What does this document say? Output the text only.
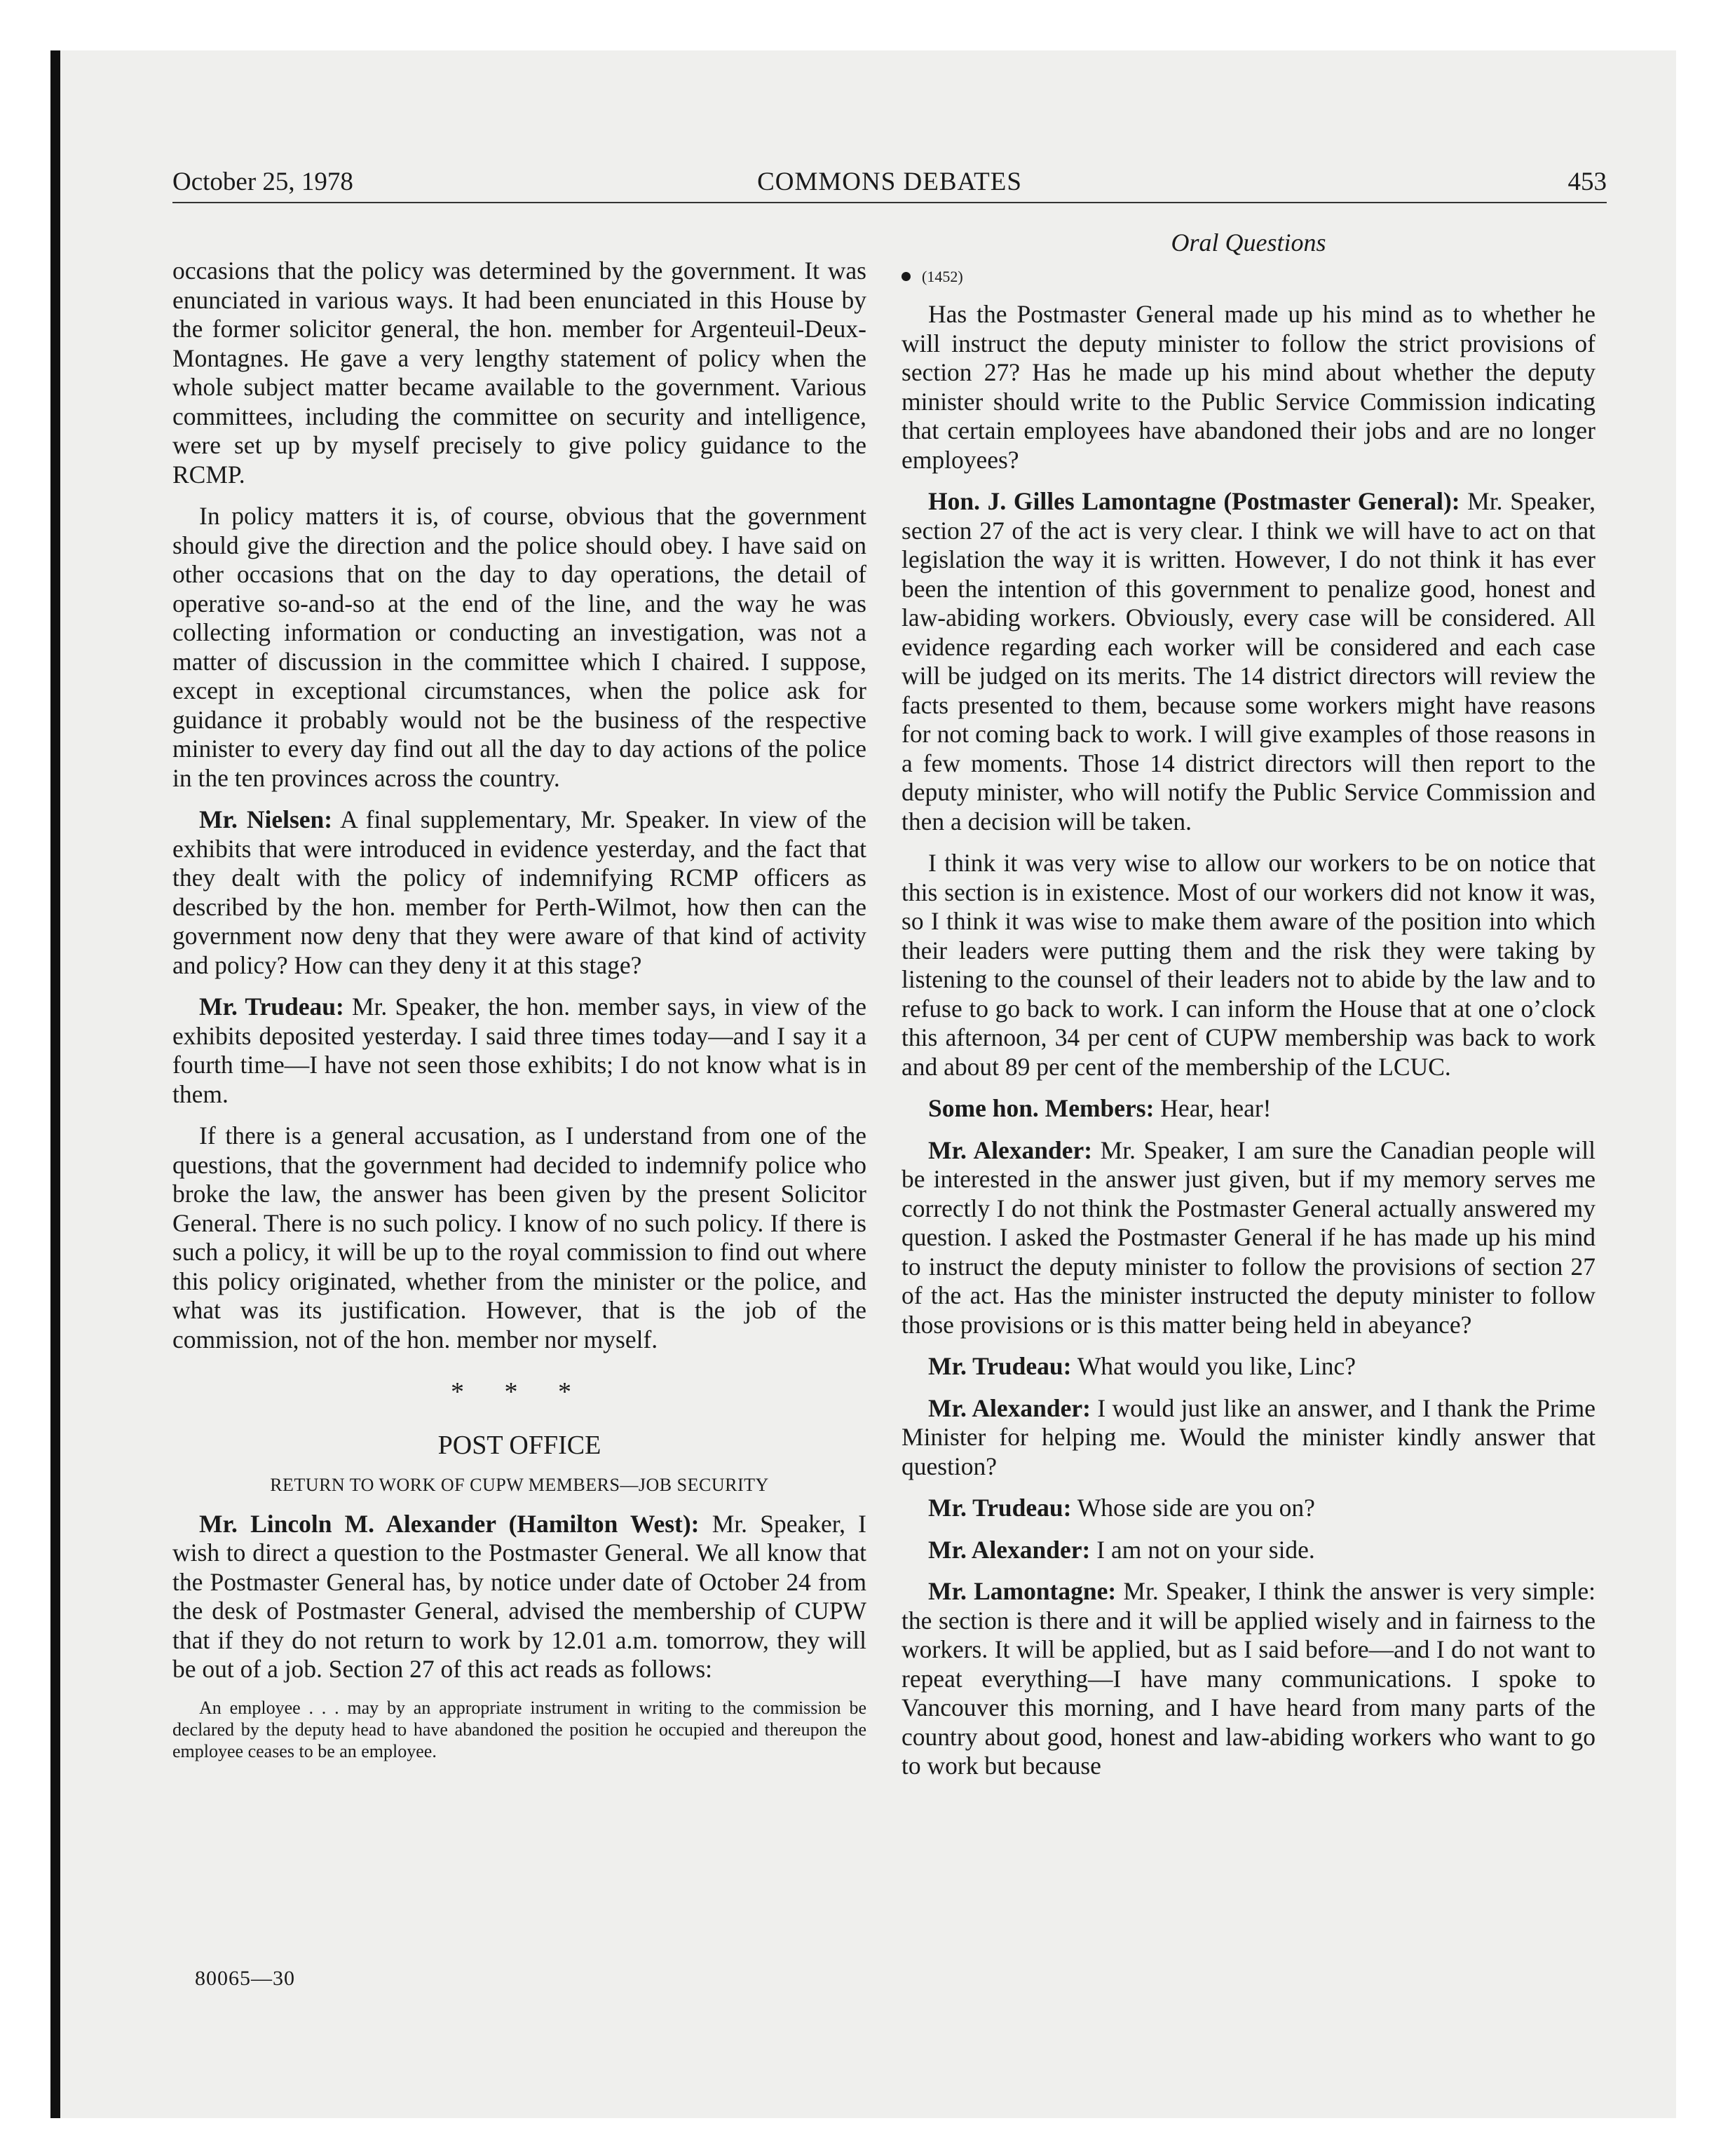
October 25, 1978	COMMONS DEBATES	453

occasions that the policy was determined by the government. It was enunciated in various ways. It had been enunciated in this House by the former solicitor general, the hon. member for Argenteuil-Deux-Montagnes. He gave a very lengthy statement of policy when the whole subject matter became available to the government. Various committees, including the committee on security and intelligence, were set up by myself precisely to give policy guidance to the RCMP.

In policy matters it is, of course, obvious that the government should give the direction and the police should obey. I have said on other occasions that on the day to day operations, the detail of operative so-and-so at the end of the line, and the way he was collecting information or conducting an investigation, was not a matter of discussion in the committee which I chaired. I suppose, except in exceptional circumstances, when the police ask for guidance it probably would not be the business of the respective minister to every day find out all the day to day actions of the police in the ten provinces across the country.

Mr. Nielsen: A final supplementary, Mr. Speaker. In view of the exhibits that were introduced in evidence yesterday, and the fact that they dealt with the policy of indemnifying RCMP officers as described by the hon. member for Perth-Wilmot, how then can the government now deny that they were aware of that kind of activity and policy? How can they deny it at this stage?

Mr. Trudeau: Mr. Speaker, the hon. member says, in view of the exhibits deposited yesterday. I said three times today—and I say it a fourth time—I have not seen those exhibits; I do not know what is in them.

If there is a general accusation, as I understand from one of the questions, that the government had decided to indemnify police who broke the law, the answer has been given by the present Solicitor General. There is no such policy. I know of no such policy. If there is such a policy, it will be up to the royal commission to find out where this policy originated, whether from the minister or the police, and what was its justification. However, that is the job of the commission, not of the hon. member nor myself.

* * *
POST OFFICE
RETURN TO WORK OF CUPW MEMBERS—JOB SECURITY

Mr. Lincoln M. Alexander (Hamilton West): Mr. Speaker, I wish to direct a question to the Postmaster General. We all know that the Postmaster General has, by notice under date of October 24 from the desk of Postmaster General, advised the membership of CUPW that if they do not return to work by 12.01 a.m. tomorrow, they will be out of a job. Section 27 of this act reads as follows:

An employee . . . may by an appropriate instrument in writing to the commission be declared by the deputy head to have abandoned the position he occupied and thereupon the employee ceases to be an employee.
Oral Questions
(1452)

Has the Postmaster General made up his mind as to whether he will instruct the deputy minister to follow the strict provisions of section 27? Has he made up his mind about whether the deputy minister should write to the Public Service Commission indicating that certain employees have abandoned their jobs and are no longer employees?

Hon. J. Gilles Lamontagne (Postmaster General): Mr. Speaker, section 27 of the act is very clear. I think we will have to act on that legislation the way it is written. However, I do not think it has ever been the intention of this government to penalize good, honest and law-abiding workers. Obviously, every case will be considered. All evidence regarding each worker will be considered and each case will be judged on its merits. The 14 district directors will review the facts presented to them, because some workers might have reasons for not coming back to work. I will give examples of those reasons in a few moments. Those 14 district directors will then report to the deputy minister, who will notify the Public Service Commission and then a decision will be taken.

I think it was very wise to allow our workers to be on notice that this section is in existence. Most of our workers did not know it was, so I think it was wise to make them aware of the position into which their leaders were putting them and the risk they were taking by listening to the counsel of their leaders not to abide by the law and to refuse to go back to work. I can inform the House that at one o’clock this afternoon, 34 per cent of CUPW membership was back to work and about 89 per cent of the membership of the LCUC.

Some hon. Members: Hear, hear!

Mr. Alexander: Mr. Speaker, I am sure the Canadian people will be interested in the answer just given, but if my memory serves me correctly I do not think the Postmaster General actually answered my question. I asked the Postmaster General if he has made up his mind to instruct the deputy minister to follow the provisions of section 27 of the act. Has the minister instructed the deputy minister to follow those provisions or is this matter being held in abeyance?

Mr. Trudeau: What would you like, Linc?

Mr. Alexander: I would just like an answer, and I thank the Prime Minister for helping me. Would the minister kindly answer that question?

Mr. Trudeau: Whose side are you on?

Mr. Alexander: I am not on your side.

Mr. Lamontagne: Mr. Speaker, I think the answer is very simple: the section is there and it will be applied wisely and in fairness to the workers. It will be applied, but as I said before—and I do not want to repeat everything—I have many communications. I spoke to Vancouver this morning, and I have heard from many parts of the country about good, honest and law-abiding workers who want to go to work but because

80065—30
